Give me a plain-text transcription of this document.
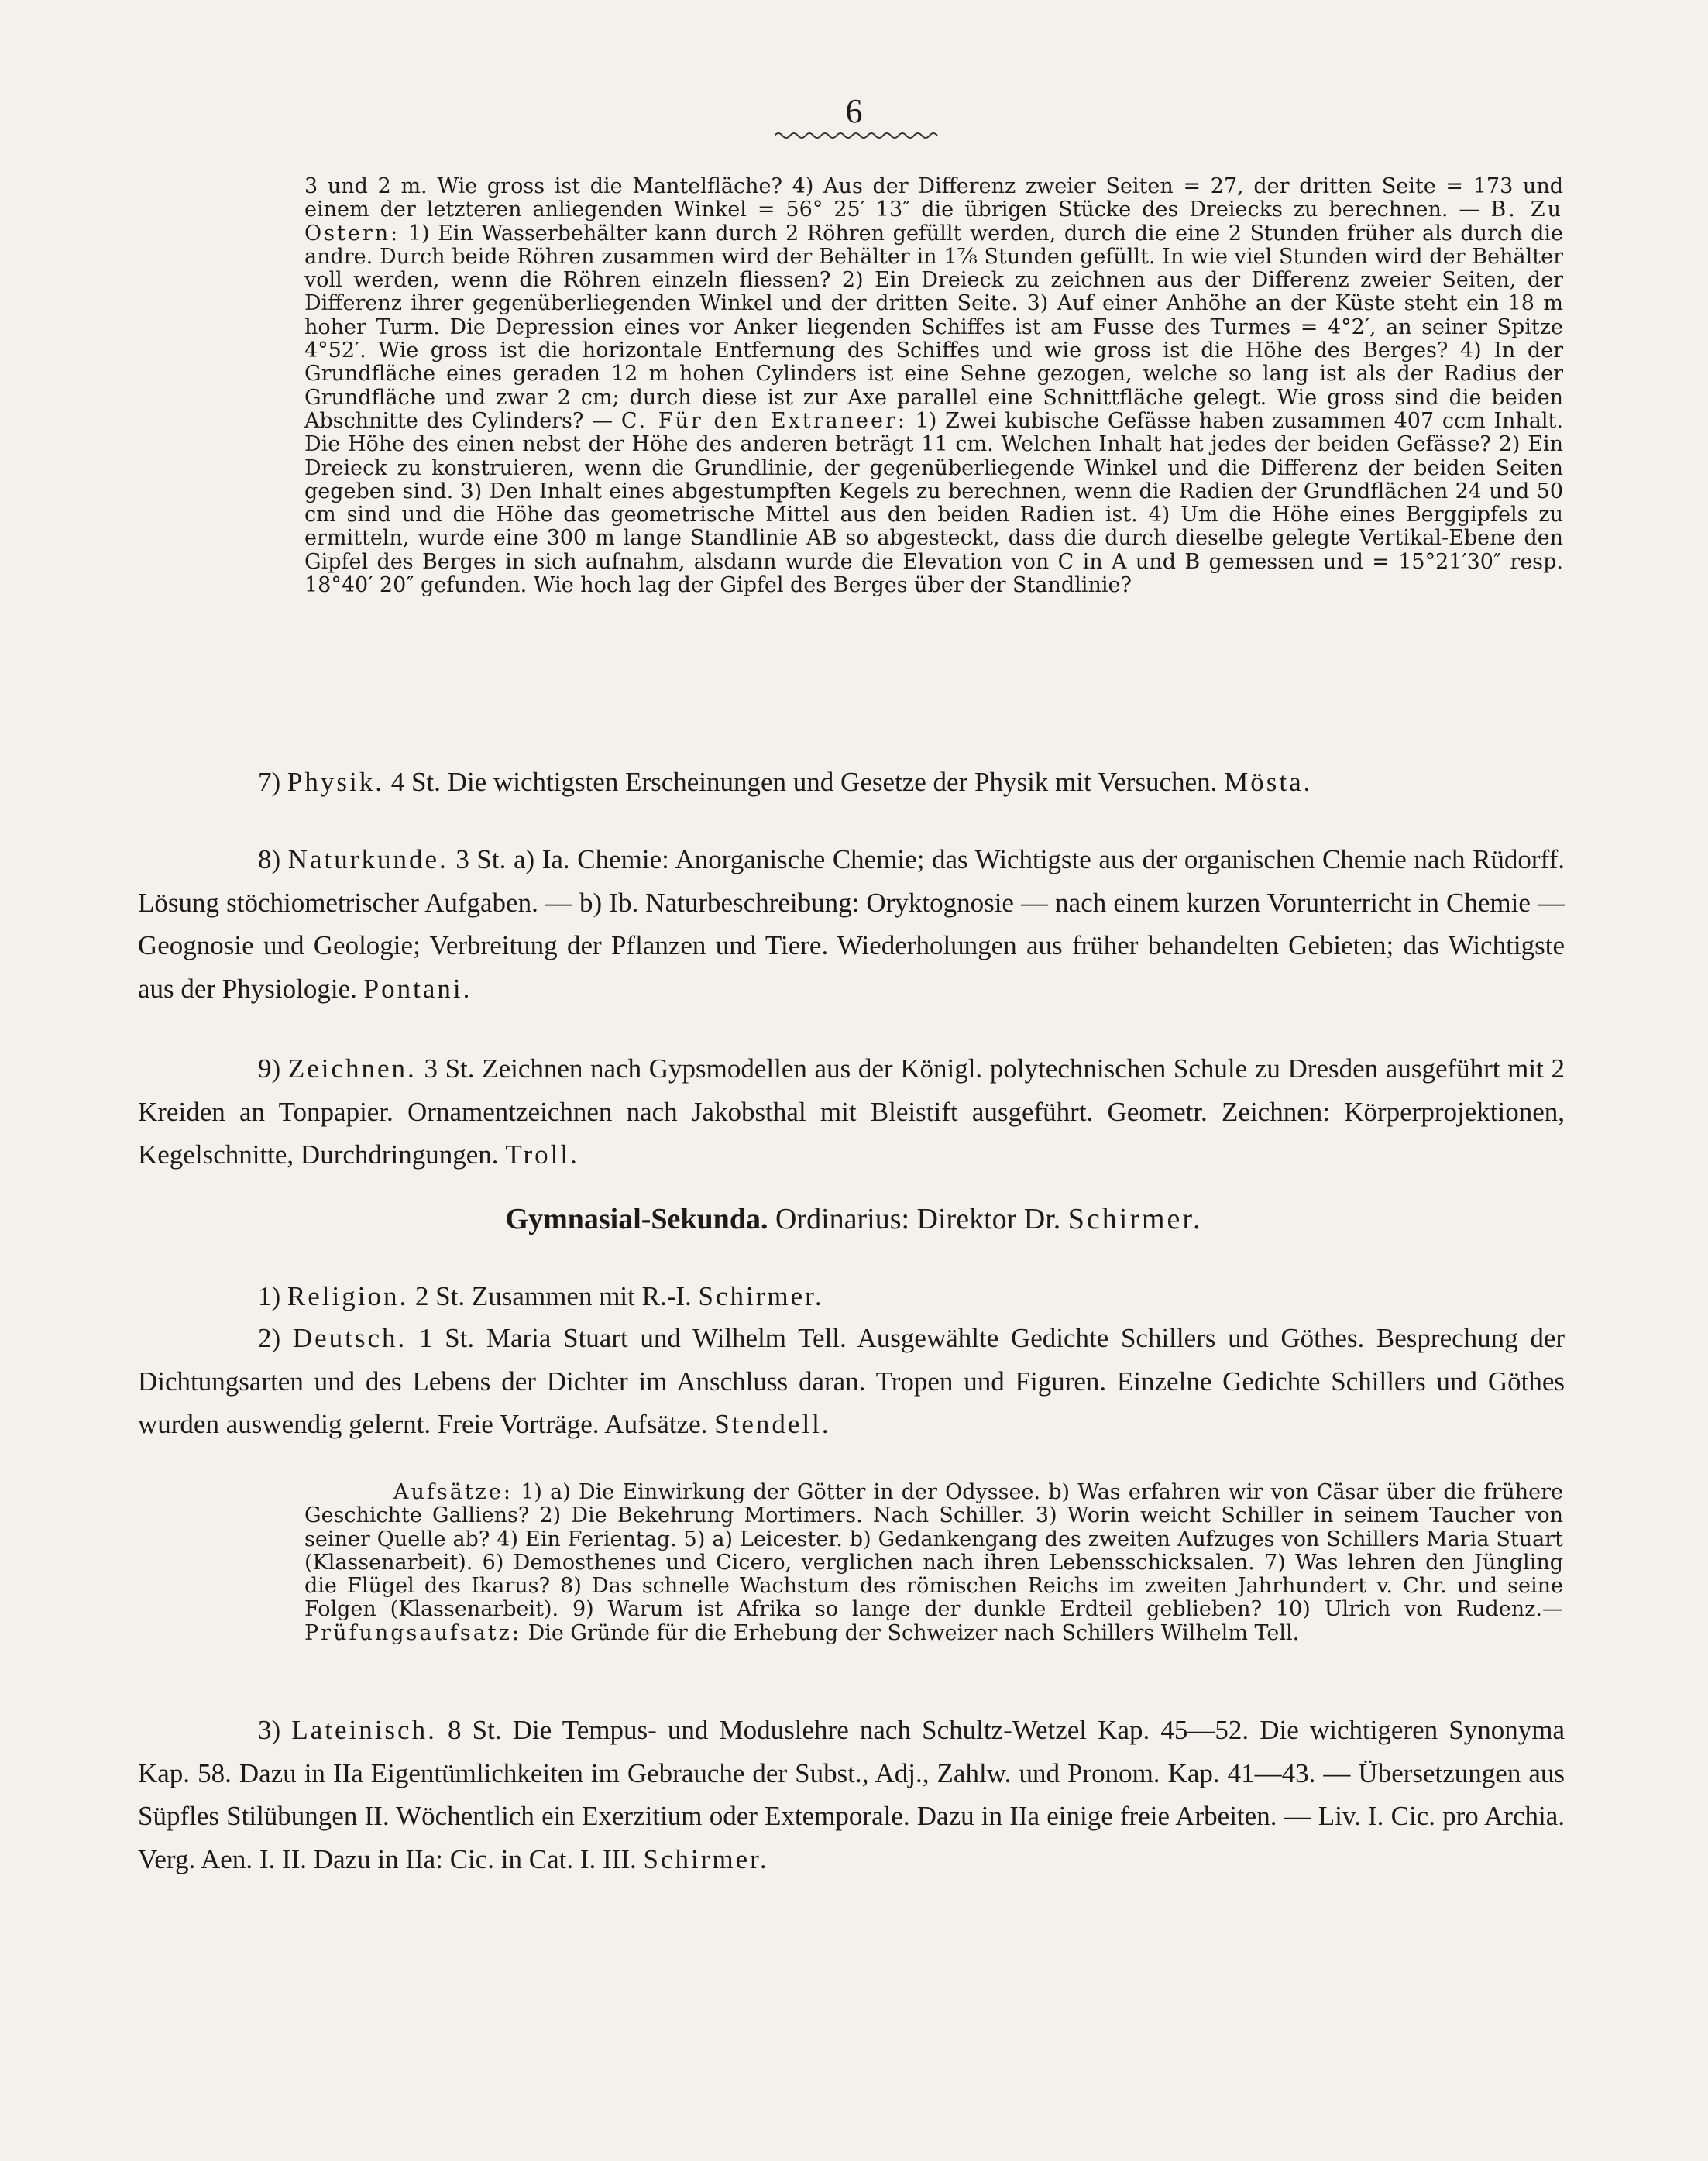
6

3 und 2 m. Wie gross ist die Mantelfläche? 4) Aus der Differenz zweier Seiten = 27, der dritten Seite = 173 und einem der letzteren anliegenden Winkel = 56° 25′ 13″ die übrigen Stücke des Dreiecks zu berechnen. — B. Zu Ostern: 1) Ein Wasserbehälter kann durch 2 Röhren gefüllt werden, durch die eine 2 Stunden früher als durch die andre. Durch beide Röhren zusammen wird der Behälter in 1⅞ Stunden gefüllt. In wie viel Stunden wird der Behälter voll werden, wenn die Röhren einzeln fliessen? 2) Ein Dreieck zu zeichnen aus der Differenz zweier Seiten, der Differenz ihrer gegenüberliegenden Winkel und der dritten Seite. 3) Auf einer Anhöhe an der Küste steht ein 18 m hoher Turm. Die Depression eines vor Anker liegenden Schiffes ist am Fusse des Turmes = 4°2′, an seiner Spitze 4°52′. Wie gross ist die horizontale Entfernung des Schiffes und wie gross ist die Höhe des Berges? 4) In der Grundfläche eines geraden 12 m hohen Cylinders ist eine Sehne gezogen, welche so lang ist als der Radius der Grundfläche und zwar 2 cm; durch diese ist zur Axe parallel eine Schnittfläche gelegt. Wie gross sind die beiden Abschnitte des Cylinders? — C. Für den Extraneer: 1) Zwei kubische Gefässe haben zusammen 407 ccm Inhalt. Die Höhe des einen nebst der Höhe des anderen beträgt 11 cm. Welchen Inhalt hat jedes der beiden Gefässe? 2) Ein Dreieck zu konstruieren, wenn die Grundlinie, der gegenüberliegende Winkel und die Differenz der beiden Seiten gegeben sind. 3) Den Inhalt eines abgestumpften Kegels zu berechnen, wenn die Radien der Grundflächen 24 und 50 cm sind und die Höhe das geometrische Mittel aus den beiden Radien ist. 4) Um die Höhe eines Berggipfels zu ermitteln, wurde eine 300 m lange Standlinie AB so abgesteckt, dass die durch dieselbe gelegte Vertikal-Ebene den Gipfel des Berges in sich aufnahm, alsdann wurde die Elevation von C in A und B gemessen und = 15°21′30″ resp. 18°40′ 20″ gefunden. Wie hoch lag der Gipfel des Berges über der Standlinie?

7) Physik. 4 St. Die wichtigsten Erscheinungen und Gesetze der Physik mit Versuchen. Mösta.

8) Naturkunde. 3 St. a) Ia. Chemie: Anorganische Chemie; das Wichtigste aus der organischen Chemie nach Rüdorff. Lösung stöchiometrischer Aufgaben. — b) Ib. Naturbeschreibung: Oryktognosie — nach einem kurzen Vorunterricht in Chemie — Geognosie und Geologie; Verbreitung der Pflanzen und Tiere. Wiederholungen aus früher behandelten Gebieten; das Wichtigste aus der Physiologie. Pontani.

9) Zeichnen. 3 St. Zeichnen nach Gypsmodellen aus der Königl. polytechnischen Schule zu Dresden ausgeführt mit 2 Kreiden an Tonpapier. Ornamentzeichnen nach Jakobsthal mit Bleistift ausgeführt. Geometr. Zeichnen: Körperprojektionen, Kegelschnitte, Durchdringungen. Troll.

Gymnasial-Sekunda. Ordinarius: Direktor Dr. Schirmer.

1) Religion. 2 St. Zusammen mit R.-I. Schirmer.

2) Deutsch. 1 St. Maria Stuart und Wilhelm Tell. Ausgewählte Gedichte Schillers und Göthes. Besprechung der Dichtungsarten und des Lebens der Dichter im Anschluss daran. Tropen und Figuren. Einzelne Gedichte Schillers und Göthes wurden auswendig gelernt. Freie Vorträge. Aufsätze. Stendell.

Aufsätze: 1) a) Die Einwirkung der Götter in der Odyssee. b) Was erfahren wir von Cäsar über die frühere Geschichte Galliens? 2) Die Bekehrung Mortimers. Nach Schiller. 3) Worin weicht Schiller in seinem Taucher von seiner Quelle ab? 4) Ein Ferientag. 5) a) Leicester. b) Gedankengang des zweiten Aufzuges von Schillers Maria Stuart (Klassenarbeit). 6) Demosthenes und Cicero, verglichen nach ihren Lebensschicksalen. 7) Was lehren den Jüngling die Flügel des Ikarus? 8) Das schnelle Wachstum des römischen Reichs im zweiten Jahrhundert v. Chr. und seine Folgen (Klassenarbeit). 9) Warum ist Afrika so lange der dunkle Erdteil geblieben? 10) Ulrich von Rudenz.—Prüfungsaufsatz: Die Gründe für die Erhebung der Schweizer nach Schillers Wilhelm Tell.

3) Lateinisch. 8 St. Die Tempus- und Moduslehre nach Schultz-Wetzel Kap. 45—52. Die wichtigeren Synonyma Kap. 58. Dazu in IIa Eigentümlichkeiten im Gebrauche der Subst., Adj., Zahlw. und Pronom. Kap. 41—43. — Übersetzungen aus Süpfles Stilübungen II. Wöchentlich ein Exerzitium oder Extemporale. Dazu in IIa einige freie Arbeiten. — Liv. I. Cic. pro Archia. Verg. Aen. I. II. Dazu in IIa: Cic. in Cat. I. III. Schirmer.
